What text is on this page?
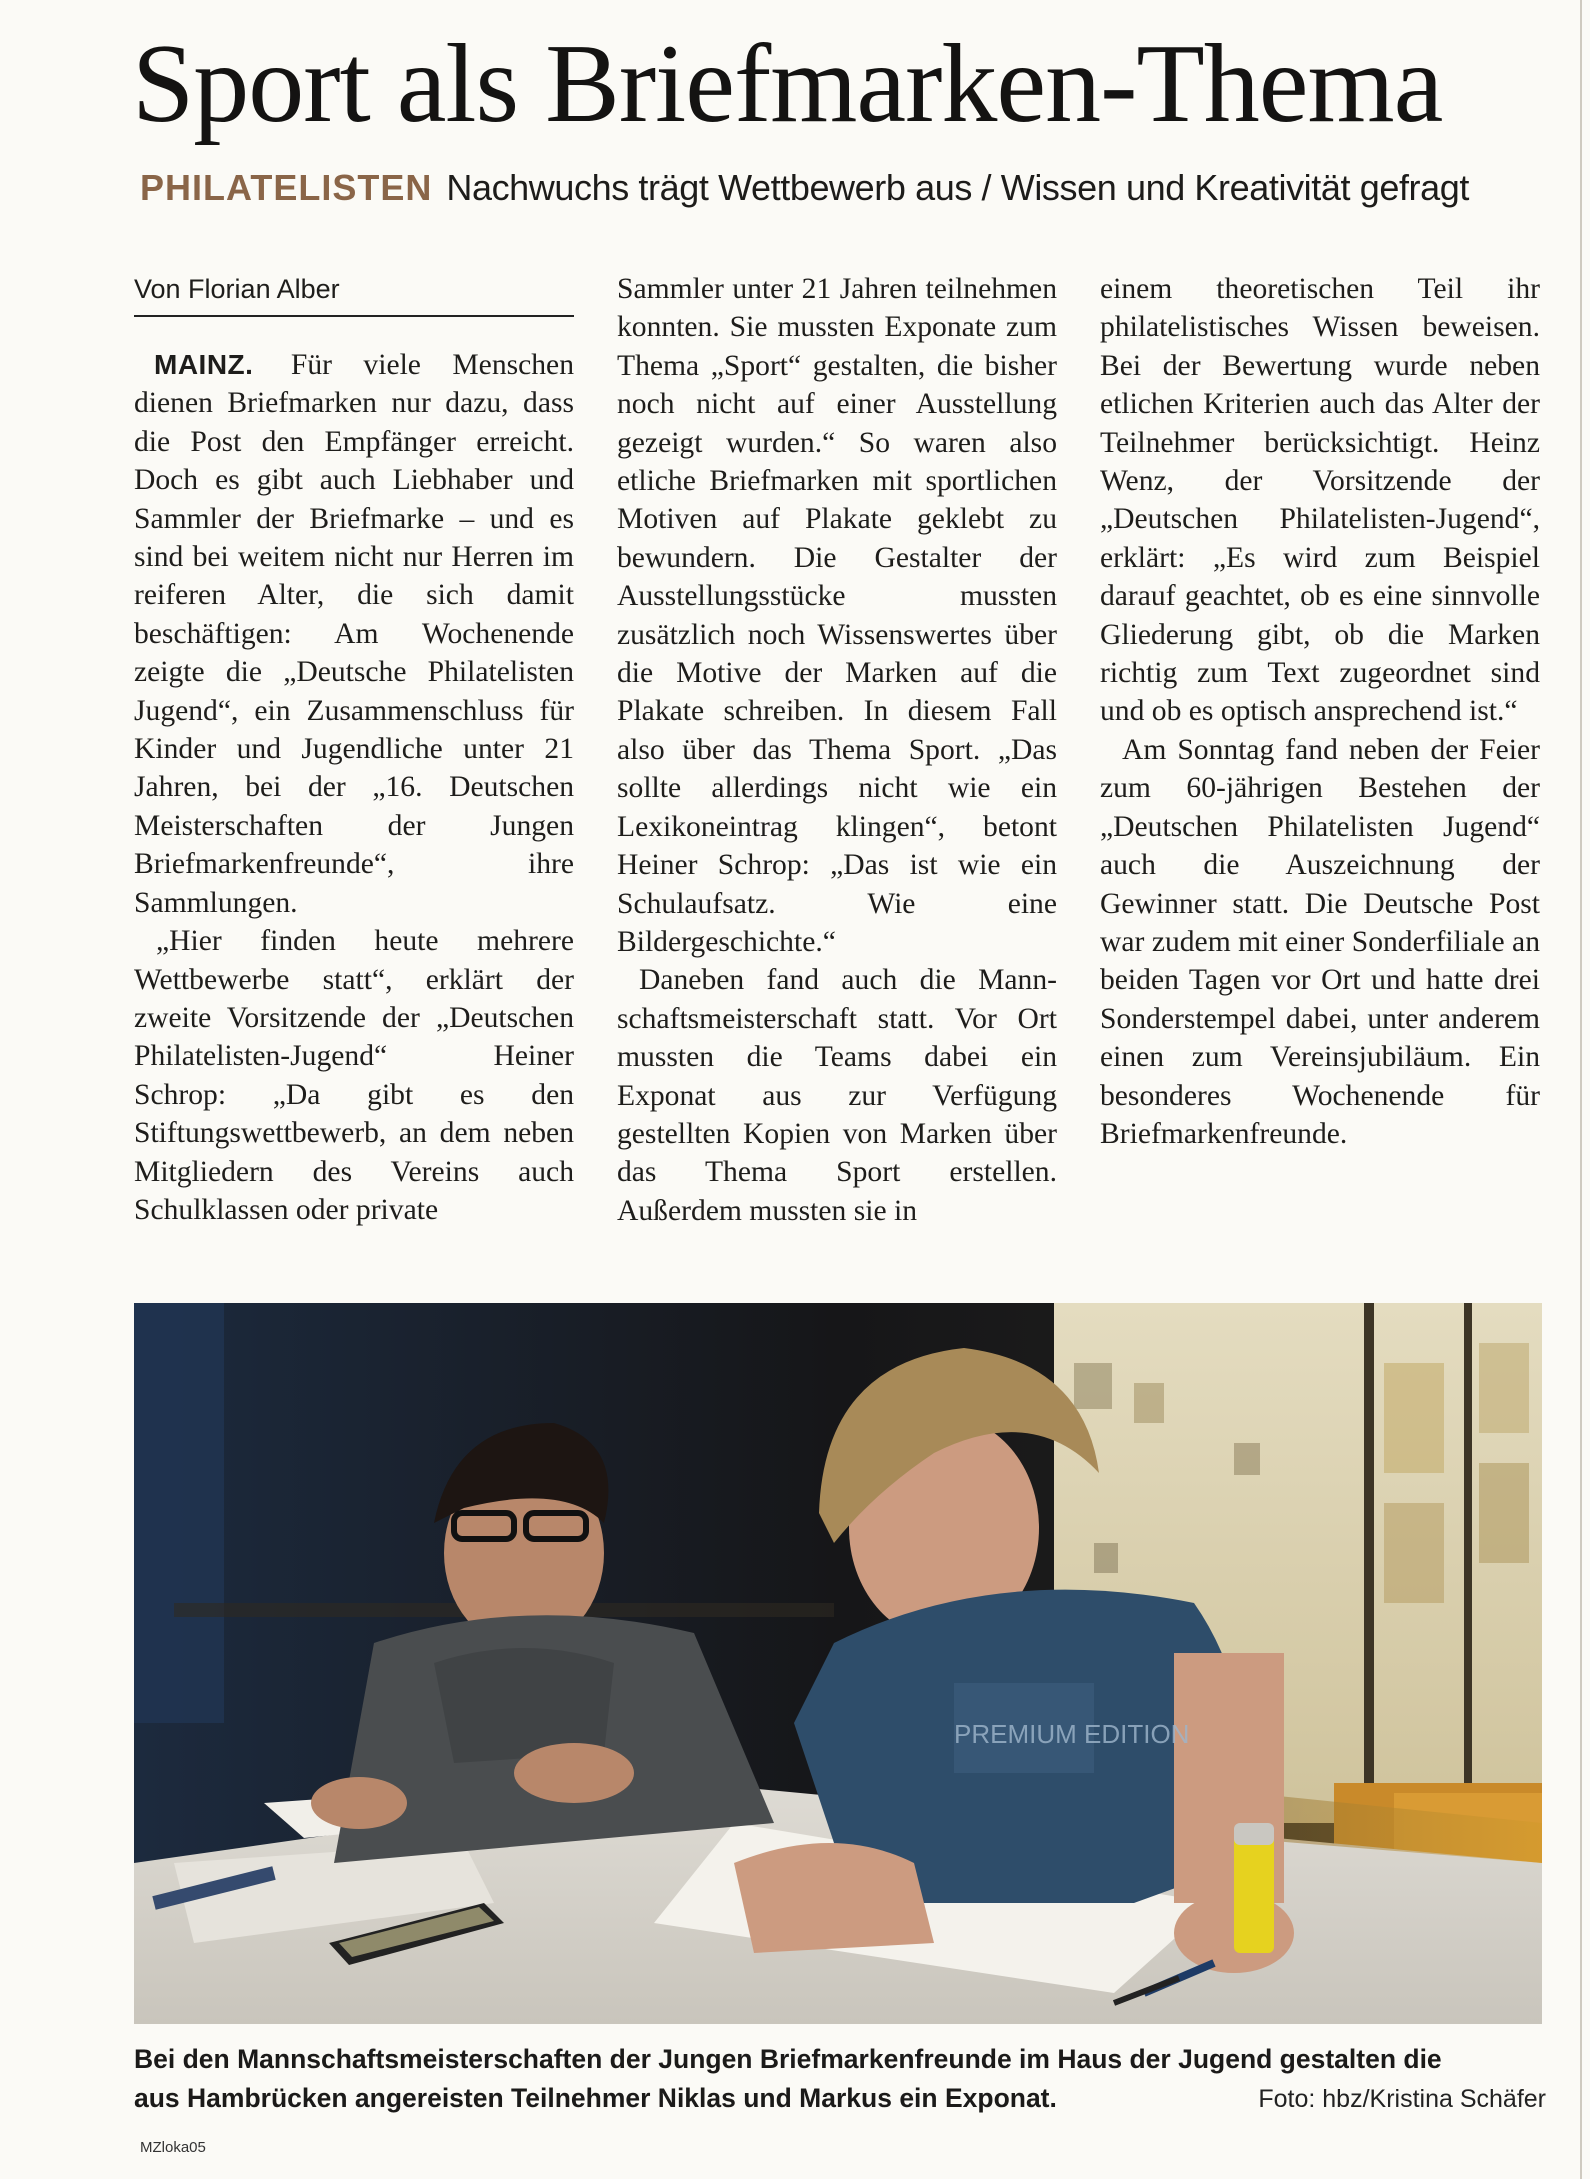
Sport als Briefmarken-Thema
PHILATELISTEN Nachwuchs trägt Wettbewerb aus / Wissen und Kreativität gefragt
Von Florian Alber

MAINZ. Für viele Menschen dienen Briefmarken nur dazu, dass die Post den Empfänger erreicht. Doch es gibt auch Liebhaber und Sammler der Briefmarke – und es sind bei weitem nicht nur Herren im reiferen Alter, die sich damit beschäftigen: Am Wochenende zeigte die „Deutsche Philatelisten Jugend“, ein Zusammenschluss für Kinder und Jugendliche unter 21 Jahren, bei der „16. Deutschen Meisterschaften der Jungen Briefmarkenfreunde“, ihre Sammlungen.

„Hier finden heute mehrere Wettbewerbe statt“, erklärt der zweite Vorsitzende der „Deutschen Philatelisten-Jugend“ Heiner Schrop: „Da gibt es den Stiftungswettbewerb, an dem neben Mitgliedern des Vereins auch Schulklassen oder private

Sammler unter 21 Jahren teilnehmen konnten. Sie mussten Exponate zum Thema „Sport“ gestalten, die bisher noch nicht auf einer Ausstellung gezeigt wurden.“ So waren also etliche Briefmarken mit sportlichen Motiven auf Plakate geklebt zu bewundern. Die Gestalter der Ausstellungsstücke mussten zusätzlich noch Wissenswertes über die Motive der Marken auf die Plakate schreiben. In diesem Fall also über das Thema Sport. „Das sollte allerdings nicht wie ein Lexikoneintrag klingen“, betont Heiner Schrop: „Das ist wie ein Schulaufsatz. Wie eine Bildergeschichte.“

Daneben fand auch die Mannschaftsmeisterschaft statt. Vor Ort mussten die Teams dabei ein Exponat aus zur Verfügung gestellten Kopien von Marken über das Thema Sport erstellen. Außerdem mussten sie in

einem theoretischen Teil ihr philatelistisches Wissen beweisen. Bei der Bewertung wurde neben etlichen Kriterien auch das Alter der Teilnehmer berücksichtigt. Heinz Wenz, der Vorsitzende der „Deutschen Philatelisten-Jugend“, erklärt: „Es wird zum Beispiel darauf geachtet, ob es eine sinnvolle Gliederung gibt, ob die Marken richtig zum Text zugeordnet sind und ob es optisch ansprechend ist.“

Am Sonntag fand neben der Feier zum 60-jährigen Bestehen der „Deutschen Philatelisten Jugend“ auch die Auszeichnung der Gewinner statt. Die Deutsche Post war zudem mit einer Sonderfiliale an beiden Tagen vor Ort und hatte drei Sonderstempel dabei, unter anderem einen zum Vereinsjubiläum. Ein besonderes Wochenende für Briefmarkenfreunde.

PREMIUM EDITION
Bei den Mannschaftsmeisterschaften der Jungen Briefmarkenfreunde im Haus der Jugend gestalten die
aus Hambrücken angereisten Teilnehmer Niklas und Markus ein Exponat.	Foto: hbz/Kristina Schäfer
MZloka05
